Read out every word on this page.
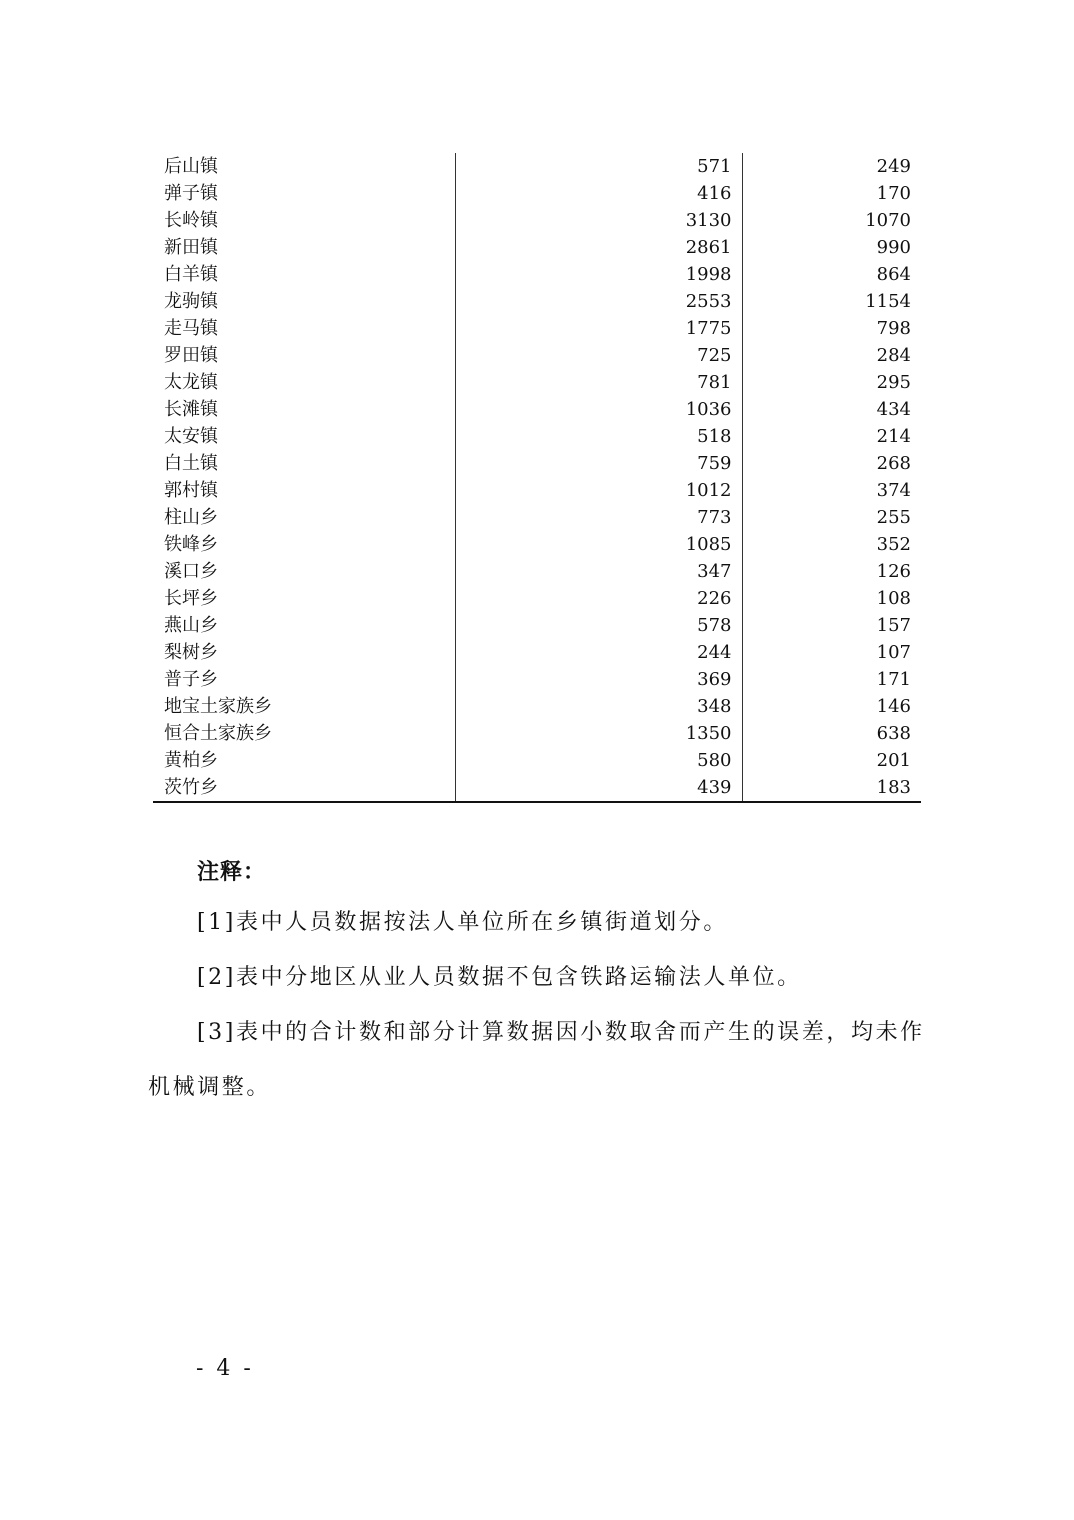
后山镇	571	249
弹子镇	416	170
长岭镇	3130	1070
新田镇	2861	990
白羊镇	1998	864
龙驹镇	2553	1154
走马镇	1775	798
罗田镇	725	284
太龙镇	781	295
长滩镇	1036	434
太安镇	518	214
白土镇	759	268
郭村镇	1012	374
柱山乡	773	255
铁峰乡	1085	352
溪口乡	347	126
长坪乡	226	108
燕山乡	578	157
梨树乡	244	107
普子乡	369	171
地宝土家族乡	348	146
恒合土家族乡	1350	638
黄柏乡	580	201
茨竹乡	439	183

注释：

[1]表中人员数据按法人单位所在乡镇街道划分。

[2]表中分地区从业人员数据不包含铁路运输法人单位。

[3]表中的合计数和部分计算数据因小数取舍而产生的误差，均未作

机械调整。

- 4 -
